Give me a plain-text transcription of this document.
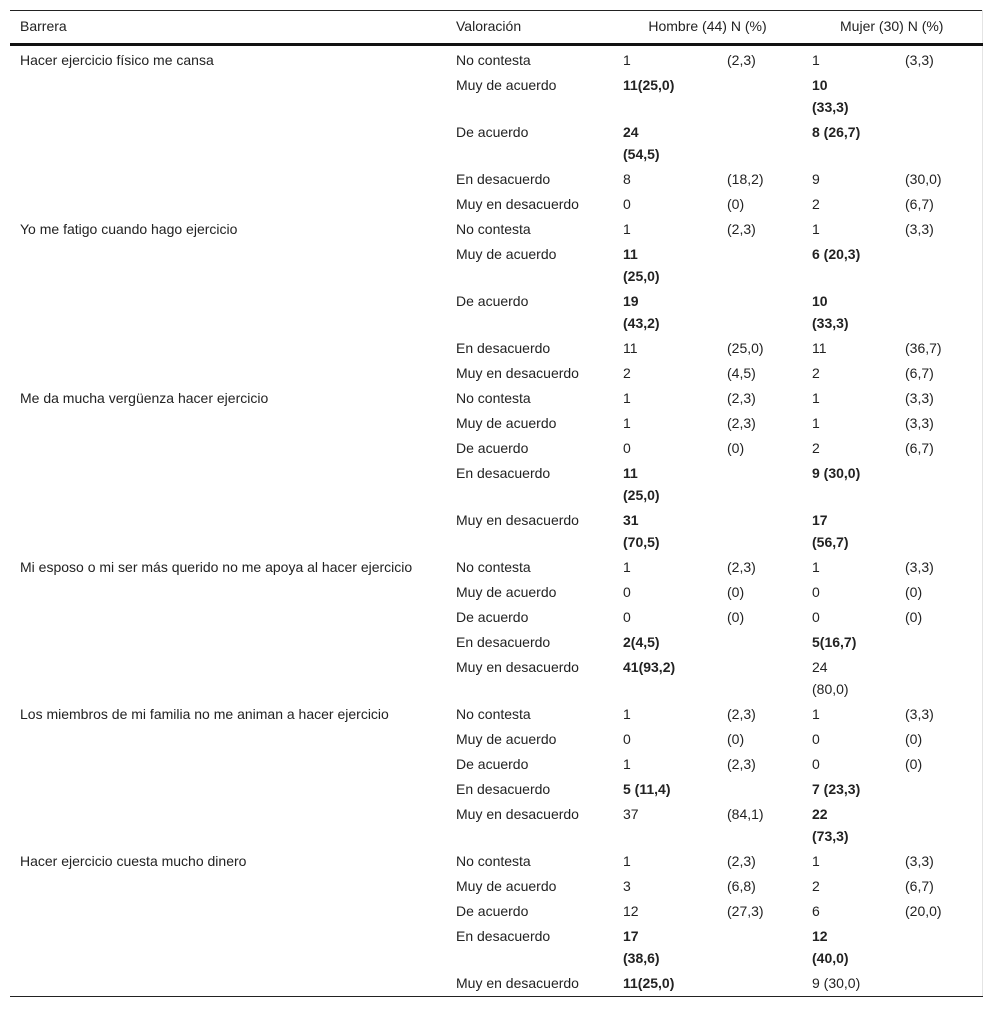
Barrera	Valoración	Hombre (44) N (%)		Mujer (30) N (%)	
Hacer ejercicio físico me cansa	No contesta	1	(2,3)	1	(3,3)
	Muy de acuerdo	11(25,0)		10 (33,3)	

	De acuerdo	24 (54,5)		8 (26,7)	

	En desacuerdo	8	(18,2)	9	(30,0)
	Muy en desacuerdo	0	(0)	2	(6,7)
Yo me fatigo cuando hago ejercicio	No contesta	1	(2,3)	1	(3,3)
	Muy de acuerdo	11 (25,0)		6 (20,3)	

	De acuerdo	19 (43,2)		10 (33,3)	

	En desacuerdo	11	(25,0)	11	(36,7)
	Muy en desacuerdo	2	(4,5)	2	(6,7)
Me da mucha vergüenza hacer ejercicio	No contesta	1	(2,3)	1	(3,3)
	Muy de acuerdo	1	(2,3)	1	(3,3)
	De acuerdo	0	(0)	2	(6,7)
	En desacuerdo	11 (25,0)		9 (30,0)	

	Muy en desacuerdo	31 (70,5)		17 (56,7)	

Mi esposo o mi ser más querido no me apoya al hacer ejercicio	No contesta	1	(2,3)	1	(3,3)
	Muy de acuerdo	0	(0)	0	(0)
	De acuerdo	0	(0)	0	(0)
	En desacuerdo	2(4,5)		5(16,7)	

	Muy en desacuerdo	41(93,2)		24 (80,0)	

Los miembros de mi familia no me animan a hacer ejercicio	No contesta	1	(2,3)	1	(3,3)
	Muy de acuerdo	0	(0)	0	(0)
	De acuerdo	1	(2,3)	0	(0)
	En desacuerdo	5 (11,4)		7 (23,3)	

	Muy en desacuerdo	37	(84,1)	22 (73,3)	

Hacer ejercicio cuesta mucho dinero	No contesta	1	(2,3)	1	(3,3)
	Muy de acuerdo	3	(6,8)	2	(6,7)
	De acuerdo	12	(27,3)	6	(20,0)
	En desacuerdo	17 (38,6)		12 (40,0)	

	Muy en desacuerdo	11(25,0)		9 (30,0)	
